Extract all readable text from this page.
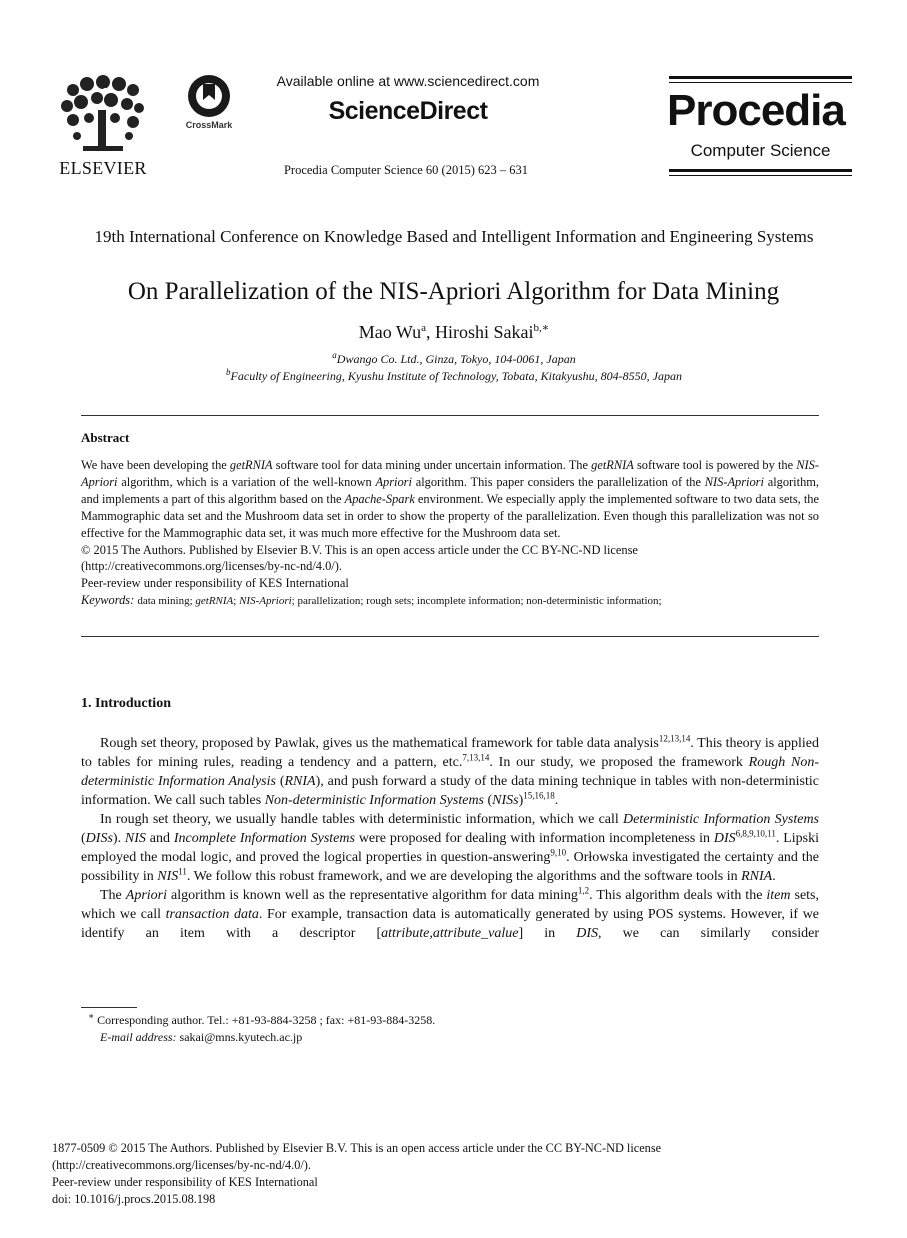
ELSEVIER
CrossMark
Available online at www.sciencedirect.com
ScienceDirect
Procedia Computer Science 60 (2015) 623 – 631
Procedia
Computer Science
19th International Conference on Knowledge Based and Intelligent Information and Engineering Systems
On Parallelization of the NIS-Apriori Algorithm for Data Mining
Mao Wu$^a$, Hiroshi Sakai$^{b,∗}$
$^a$Dwango Co. Ltd., Ginza, Tokyo, 104-0061, Japan
$^b$Faculty of Engineering, Kyushu Institute of Technology, Tobata, Kitakyushu, 804-8550, Japan
Abstract

We have been developing the getRNIA software tool for data mining under uncertain information. The getRNIA software tool is powered by the NIS-Apriori algorithm, which is a variation of the well-known Apriori algorithm. This paper considers the parallelization of the NIS-Apriori algorithm, and implements a part of this algorithm based on the Apache-Spark environment. We especially apply the implemented software to two data sets, the Mammographic data set and the Mushroom data set in order to show the property of the parallelization. Even though this parallelization was not so effective for the Mammographic data set, it was much more effective for the Mushroom data set.

© 2015 The Authors. Published by Elsevier B.V. This is an open access article under the CC BY-NC-ND license

(http://creativecommons.org/licenses/by-nc-nd/4.0/).

Peer-review under responsibility of KES International

Keywords: data mining; getRNIA; NIS-Apriori; parallelization; rough sets; incomplete information; non-deterministic information;

1. Introduction

Rough set theory, proposed by Pawlak, gives us the mathematical framework for table data analysis$^{12,13,14}$. This theory is applied to tables for mining rules, reading a tendency and a pattern, etc.$^{7,13,14}$. In our study, we proposed the framework Rough Non-deterministic Information Analysis (RNIA), and push forward a study of the data mining technique in tables with non-deterministic information. We call such tables Non-deterministic Information Systems (NISs)$^{15,16,18}$.

In rough set theory, we usually handle tables with deterministic information, which we call Deterministic Information Systems (DISs). NIS and Incomplete Information Systems were proposed for dealing with information incompleteness in DIS$^{6,8,9,10,11}$. Lipski employed the modal logic, and proved the logical properties in question-answering$^{9,10}$. Orłowska investigated the certainty and the possibility in NIS$^{11}$. We follow this robust framework, and we are developing the algorithms and the software tools in RNIA.

The Apriori algorithm is known well as the representative algorithm for data mining$^{1,2}$. This algorithm deals with the item sets, which we call transaction data. For example, transaction data is automatically generated by using POS systems. However, if we identify an item with a descriptor [attribute,attribute_value] in DIS, we can similarly consider

∗ Corresponding author. Tel.: +81-93-884-3258 ; fax: +81-93-884-3258.
E-mail address: sakai@mns.kyutech.ac.jp
1877-0509 © 2015 The Authors. Published by Elsevier B.V. This is an open access article under the CC BY-NC-ND license
(http://creativecommons.org/licenses/by-nc-nd/4.0/).
Peer-review under responsibility of KES International
doi: 10.1016/j.procs.2015.08.198
